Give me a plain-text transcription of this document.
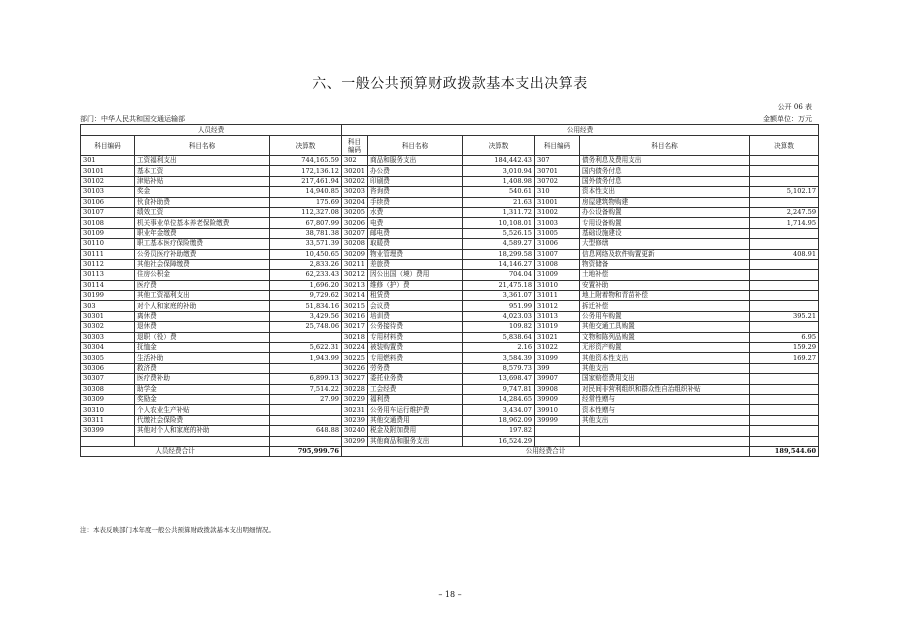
六、一般公共预算财政拨款基本支出决算表
公开 06 表
部门：中华人民共和国交通运输部	金额单位：万元
人员经费			公用经费					
科目编码	科目名称	决算数	科目
编码	科目名称	决算数	科目编码	科目名称	决算数
301	工资福利支出	744,165.59	302	商品和服务支出	184,442.43	307	债务利息及费用支出	
30101	基本工资	172,136.12	30201	办公费	3,010.94	30701	国内债务付息	
30102	津贴补贴	217,461.94	30202	印刷费	1,408.98	30702	国外债务付息	
30103	奖金	14,940.85	30203	咨询费	540.61	310	资本性支出	5,102.17
30106	伙食补助费	175.69	30204	手续费	21.63	31001	房屋建筑物购建	
30107	绩效工资	112,327.08	30205	水费	1,311.72	31002	办公设备购置	2,247.59
30108	机关事业单位基本养老保险缴费	67,807.99	30206	电费	10,108.01	31003	专用设备购置	1,714.95
30109	职业年金缴费	38,781.38	30207	邮电费	5,526.15	31005	基础设施建设	
30110	职工基本医疗保险缴费	33,571.39	30208	取暖费	4,589.27	31006	大型修缮	
30111	公务员医疗补助缴费	10,450.65	30209	物业管理费	18,299.58	31007	信息网络及软件购置更新	408.91
30112	其他社会保障缴费	2,833.26	30211	差旅费	14,146.27	31008	物资储备	
30113	住房公积金	62,233.43	30212	因公出国（境）费用	704.04	31009	土地补偿	
30114	医疗费	1,696.20	30213	维修（护）费	21,475.18	31010	安置补助	
30199	其他工资福利支出	9,729.62	30214	租赁费	3,361.07	31011	地上附着物和青苗补偿	
303	对个人和家庭的补助	51,834.16	30215	会议费	951.99	31012	拆迁补偿	
30301	离休费	3,429.56	30216	培训费	4,023.03	31013	公务用车购置	395.21
30302	退休费	25,748.06	30217	公务接待费	109.82	31019	其他交通工具购置	
30303	退职（役）费		30218	专用材料费	5,838.64	31021	文物和陈列品购置	6.95
30304	抚恤金	5,622.31	30224	被装购置费	2.16	31022	无形资产购置	159.29
30305	生活补助	1,943.99	30225	专用燃料费	3,584.39	31099	其他资本性支出	169.27
30306	救济费		30226	劳务费	8,579.73	399	其他支出	
30307	医疗费补助	6,899.13	30227	委托业务费	13,698.47	39907	国家赔偿费用支出	
30308	助学金	7,514.22	30228	工会经费	9,747.81	39908	对民间非营利组织和群众性自治组织补贴	
30309	奖励金	27.99	30229	福利费	14,284.65	39909	经常性赠与	
30310	个人农业生产补贴		30231	公务用车运行维护费	3,434.07	39910	资本性赠与	
30311	代缴社会保险费		30239	其他交通费用	18,962.09	39999	其他支出	
30399	其他对个人和家庭的补助	648.88	30240	税金及附加费用	197.82			
			30299	其他商品和服务支出	16,524.29			
人员经费合计		795,999.76	公用经费合计					189,544.60
注：本表反映部门本年度一般公共预算财政拨款基本支出明细情况。
– 18 –
